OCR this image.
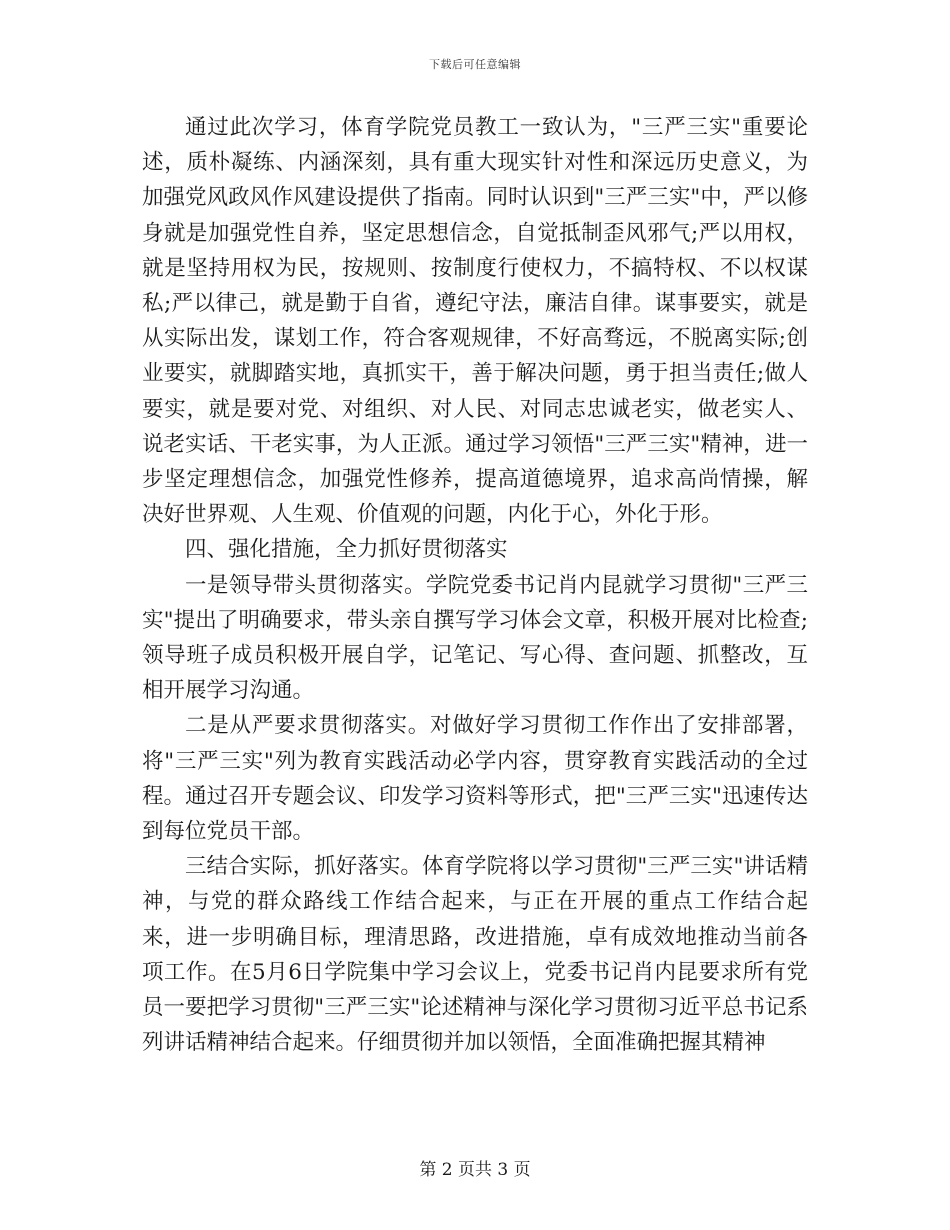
下载后可任意编辑

通过此次学习，体育学院党员教工一致认为，"三严三实"重要论述，质朴凝练、内涵深刻，具有重大现实针对性和深远历史意义，为加强党风政风作风建设提供了指南。同时认识到"三严三实"中，严以修身就是加强党性自养，坚定思想信念，自觉抵制歪风邪气;严以用权，就是坚持用权为民，按规则、按制度行使权力，不搞特权、不以权谋私;严以律己，就是勤于自省，遵纪守法，廉洁自律。谋事要实，就是从实际出发，谋划工作，符合客观规律，不好高骛远，不脱离实际;创业要实，就脚踏实地，真抓实干，善于解决问题，勇于担当责任;做人要实，就是要对党、对组织、对人民、对同志忠诚老实，做老实人、说老实话、干老实事，为人正派。通过学习领悟"三严三实"精神，进一步坚定理想信念，加强党性修养，提高道德境界，追求高尚情操，解决好世界观、人生观、价值观的问题，内化于心，外化于形。

四、强化措施，全力抓好贯彻落实

一是领导带头贯彻落实。学院党委书记肖内昆就学习贯彻"三严三实"提出了明确要求，带头亲自撰写学习体会文章，积极开展对比检查;领导班子成员积极开展自学，记笔记、写心得、查问题、抓整改，互相开展学习沟通。

二是从严要求贯彻落实。对做好学习贯彻工作作出了安排部署，将"三严三实"列为教育实践活动必学内容，贯穿教育实践活动的全过程。通过召开专题会议、印发学习资料等形式，把"三严三实"迅速传达到每位党员干部。

三结合实际，抓好落实。体育学院将以学习贯彻"三严三实"讲话精神，与党的群众路线工作结合起来，与正在开展的重点工作结合起来，进一步明确目标，理清思路，改进措施，卓有成效地推动当前各项工作。在5月6日学院集中学习会议上，党委书记肖内昆要求所有党员一要把学习贯彻"三严三实"论述精神与深化学习贯彻习近平总书记系列讲话精神结合起来。仔细贯彻并加以领悟，全面准确把握其精神

第 2 页共 3 页
